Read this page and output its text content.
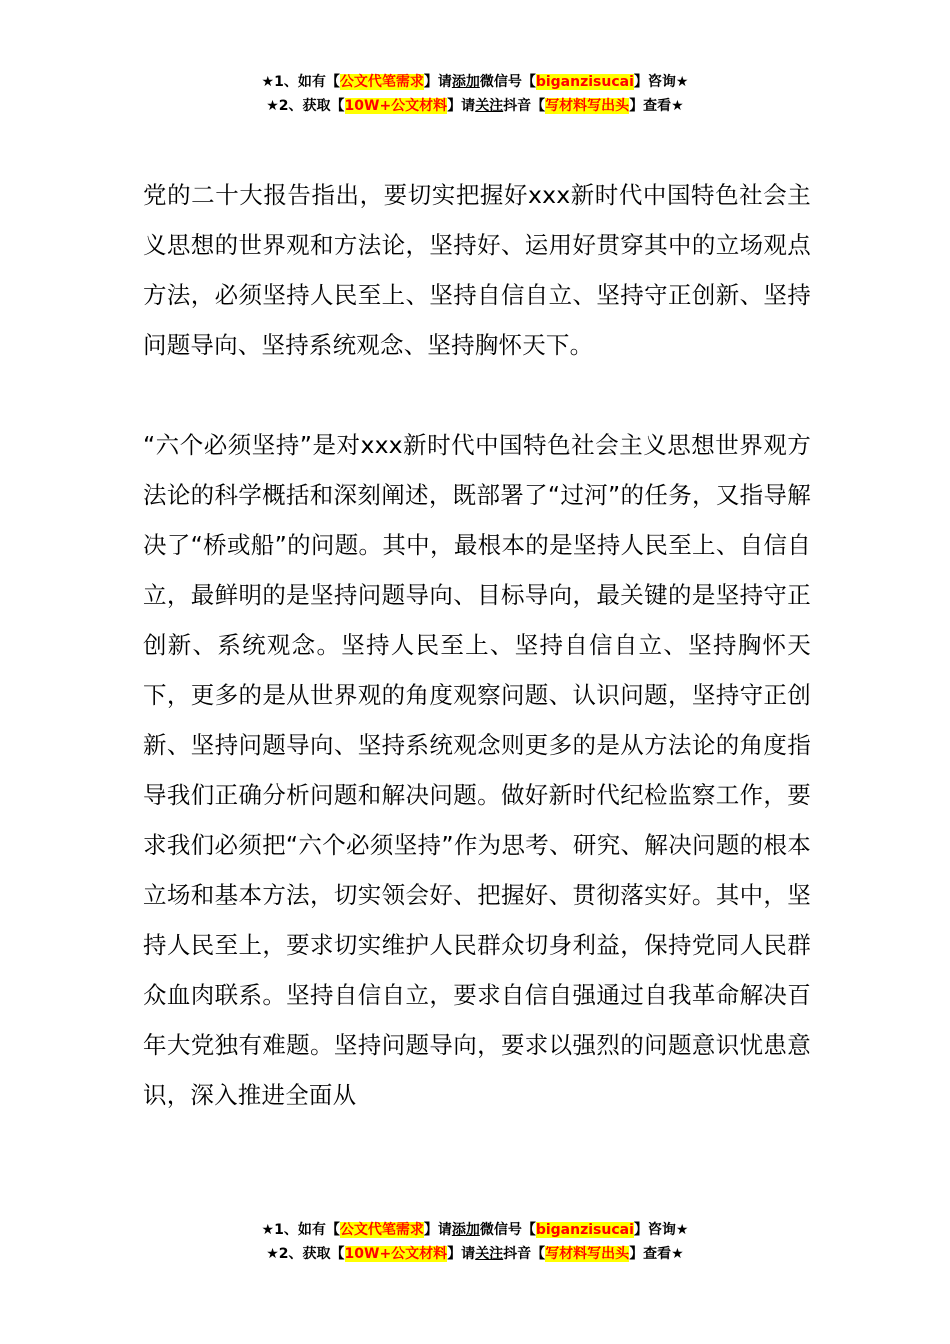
★1、如有【公文代笔需求】请添加微信号【biganzisucai】咨询★
★2、获取【10W+公文材料】请关注抖音【写材料写出头】查看★

党的二十大报告指出，要切实把握好xxx新时代中国特色社会主义思想的世界观和方法论，坚持好、运用好贯穿其中的立场观点方法，必须坚持人民至上、坚持自信自立、坚持守正创新、坚持问题导向、坚持系统观念、坚持胸怀天下。

“六个必须坚持”是对xxx新时代中国特色社会主义思想世界观方法论的科学概括和深刻阐述，既部署了“过河”的任务，又指导解决了“桥或船”的问题。其中，最根本的是坚持人民至上、自信自立，最鲜明的是坚持问题导向、目标导向，最关键的是坚持守正创新、系统观念。坚持人民至上、坚持自信自立、坚持胸怀天下，更多的是从世界观的角度观察问题、认识问题，坚持守正创新、坚持问题导向、坚持系统观念则更多的是从方法论的角度指导我们正确分析问题和解决问题。做好新时代纪检监察工作，要求我们必须把“六个必须坚持”作为思考、研究、解决问题的根本立场和基本方法，切实领会好、把握好、贯彻落实好。其中，坚持人民至上，要求切实维护人民群众切身利益，保持党同人民群众血肉联系。坚持自信自立，要求自信自强通过自我革命解决百年大党独有难题。坚持问题导向，要求以强烈的问题意识忧患意识，深入推进全面从

★1、如有【公文代笔需求】请添加微信号【biganzisucai】咨询★
★2、获取【10W+公文材料】请关注抖音【写材料写出头】查看★
